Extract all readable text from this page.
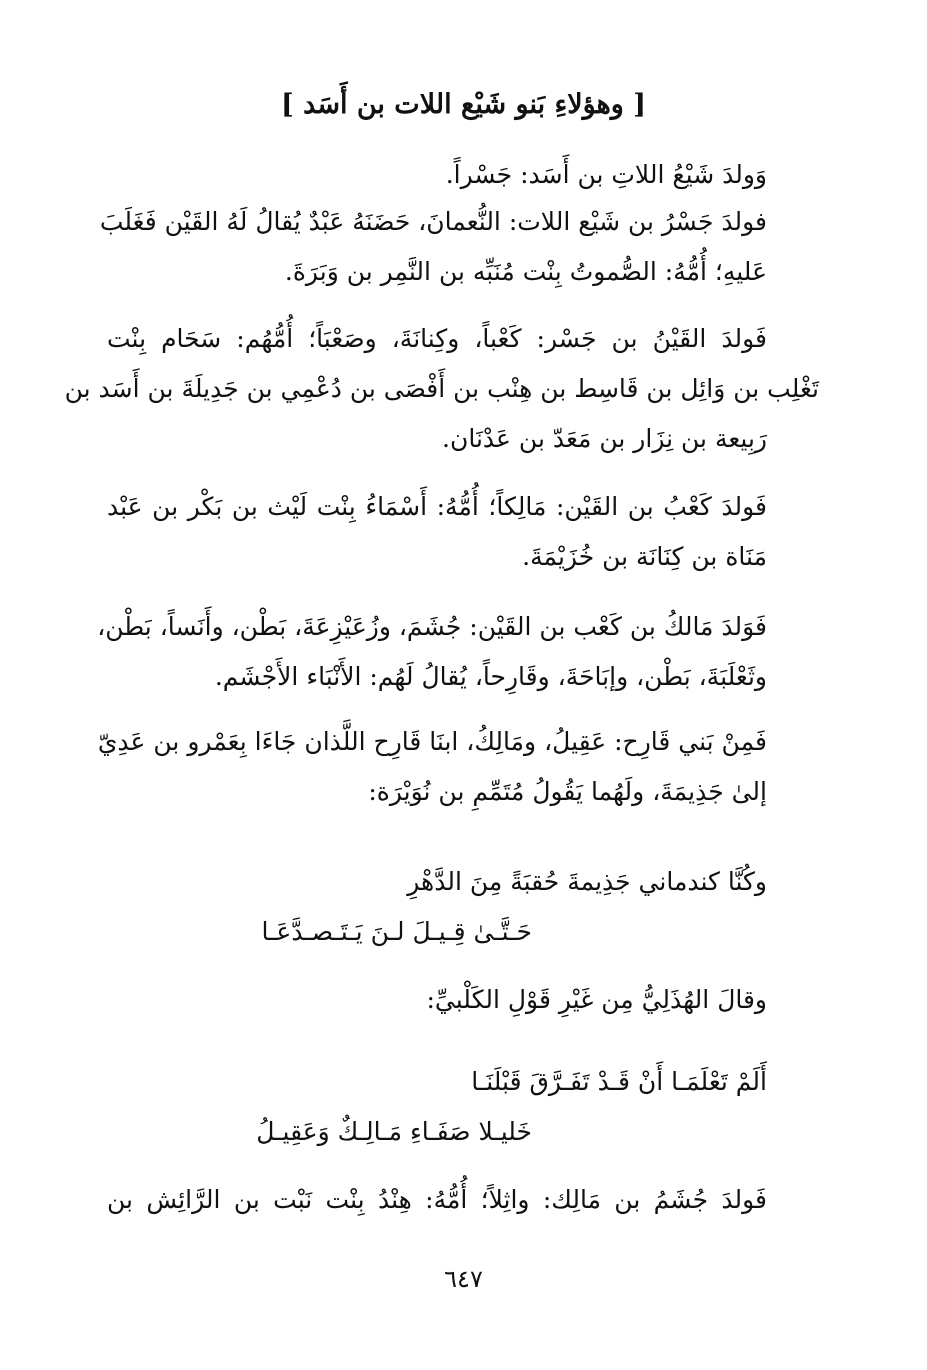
[ وهؤلاءِ بَنو شَيْع اللات بن أَسَد ]
وَولدَ شَيْعُ اللاتِ بن أَسَد: جَسْراً.
فولدَ جَسْرُ بن شَيْع اللات: النُّعمانَ، حَضَنَهُ عَبْدٌ يُقالُ لَهُ القَيْن فَغَلَبَ
عَليهِ؛ أُمُّهُ: الصُّموتُ بِنْت مُنَبِّه بن النَّمِر بن وَبَرَةَ.
فَولدَ القَيْنُ بن جَسْر: كَعْباً، وكِنانَةَ، وصَعْبَاً؛ أُمُّهُم: سَحَام بِنْت
تَغْلِب بن وَائِل بن قَاسِط بن هِنْب بن أَفْصَى بن دُعْمِي بن جَدِيلَةَ بن أَسَد بن
رَبِيعة بن نِزَار بن مَعَدّ بن عَدْنَان.
فَولدَ كَعْبُ بن القَيْن: مَالِكاً؛ أُمُّهُ: أَسْمَاءُ بِنْت لَيْث بن بَكْر بن عَبْد
مَنَاة بن كِنَانَة بن خُزَيْمَةَ.
فَوَلدَ مَالكُ بن كَعْب بن القَيْن: جُشَمَ، وزُعَيْزِعَةَ، بَطْن، وأَنَساً، بَطْن،
وثَعْلَبَةَ، بَطْن، وإبَاحَةَ، وقَارِحاً، يُقالُ لَهُم: الأَنْبَاء الأَجْشَم.
فَمِنْ بَني قَارِح: عَقِيلُ، ومَالِكُ، ابنَا قَارِح اللَّذان جَاءَا بِعَمْرو بن عَدِيّ
إلىٰ جَذِيمَةَ، ولَهُما يَقُولُ مُتَمِّمِ بن نُوَيْرَة:
وكُنَّا كندماني جَذِيمةَ حُقبَةً مِنَ الدَّهْرِ
حَـتَّـىٰ قِـيـلَ لـنَ يَـتَـصـدَّعَـا
وقالَ الهُذَلِيُّ مِن غَيْرِ قَوْلِ الكَلْبيِّ:
أَلَمْ تَعْلَمَـا أَنْ قَـدْ تَفَـرَّقَ قَبْلَنَـا
خَليـلا صَفَـاءِ مَـالِـكٌ وَعَقِيـلُ
فَولدَ جُشَمُ بن مَالِك: واثِلاً؛ أُمُّهُ: هِنْدُ بِنْت نَبْت بن الرَّائِش بن
٦٤٧
